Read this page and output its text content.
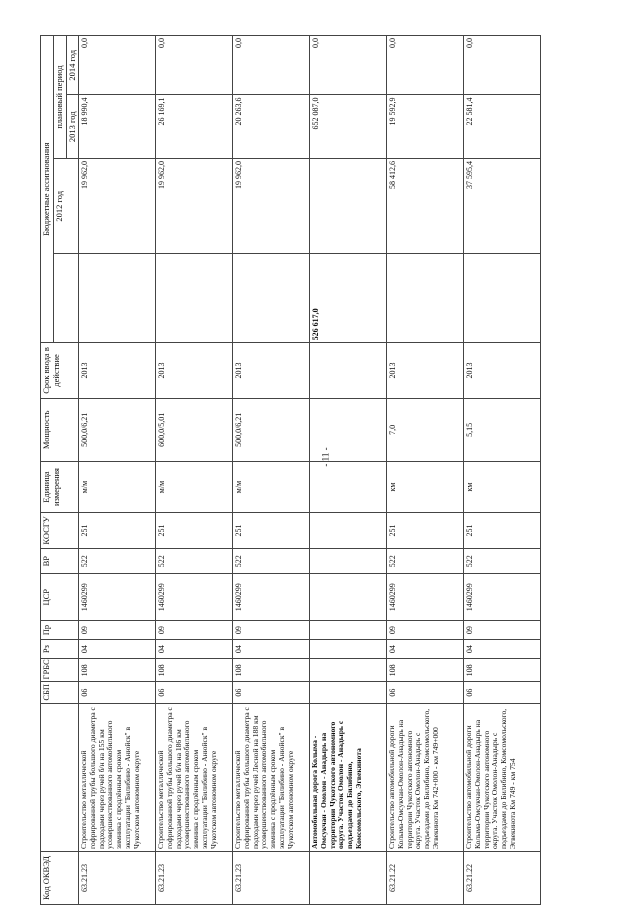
Код ОКВЭД		СБП	ГРБС	Рз	Пр	ЦСР	ВР	КОСГУ	Единица измерения	Мощность	Срок ввода в действие	Бюджетные ассигнования			
													2012 год	плановый период	
														2013 год	2014 год
63.21.23	Строительство металлической гофрированной трубы большого диаметра с подходами через ручей б/н на 155 км усовершенствованного автомобильного зимника с продлённым сроком эксплуатации "Билибино - Анюйск" в Чукотском автономном округе	06	108	04	09	1460299	522	251	м/м	500,0/6,21	2013		19 962,0	18 990,4	0,0
63.21.23	Строительство металлической гофрированной трубы большого диаметра с подходами через ручей б/н на 186 км усовершенствованного автомобильного зимника с продлённым сроком эксплуатации "Билибино - Анюйск" в Чукотском автономном округе	06	108	04	09	1460299	522	251	м/м	600,0/5,01	2013		19 962,0	26 169,1	0,0
63.21.23	Строительство металлической гофрированной трубы большого диаметра с подходами через ручей Лесной на 188 км усовершенствованного автомобильного зимника с продлённым сроком эксплуатации "Билибино - Анюйск" в Чукотском автономном округе	06	108	04	09	1460299	522	251	м/м	500,0/6,21	2013		19 962,0	20 263,6	0,0
	Автомобильная дорога Колыма - Омсукчан - Омолон - Анадырь на территории Чукотского автономного округа. Участок Омолон - Анадырь с подъездами до Билибино, Комсомольского, Эгвекинота											526 617,0		652 087,0	0,0
63.21.22	Строительство автомобильной дороги Колыма-Омсукчан-Омолон-Анадырь на территории Чукотского автономного округа. Участок Омолон-Анадырь с подъездами до Билибино, Комсомольского, Эгвекинота Км 742+000 - км 749+000	06	108	04	09	1460299	522	251	км	7,0	2013		58 412,6	19 592,9	0,0
63.21.22	Строительство автомобильной дороги Колыма-Омсукчан-Омолон-Анадырь на территории Чукотского автономного округа. Участок Омолон-Анадырь с подъездами до Билибино, Комсомольского, Эгвекинота Км 749 - км 754	06	108	04	09	1460299	522	251	км	5,15	2013		37 595,4	22 581,4	0,0
- 11 -
